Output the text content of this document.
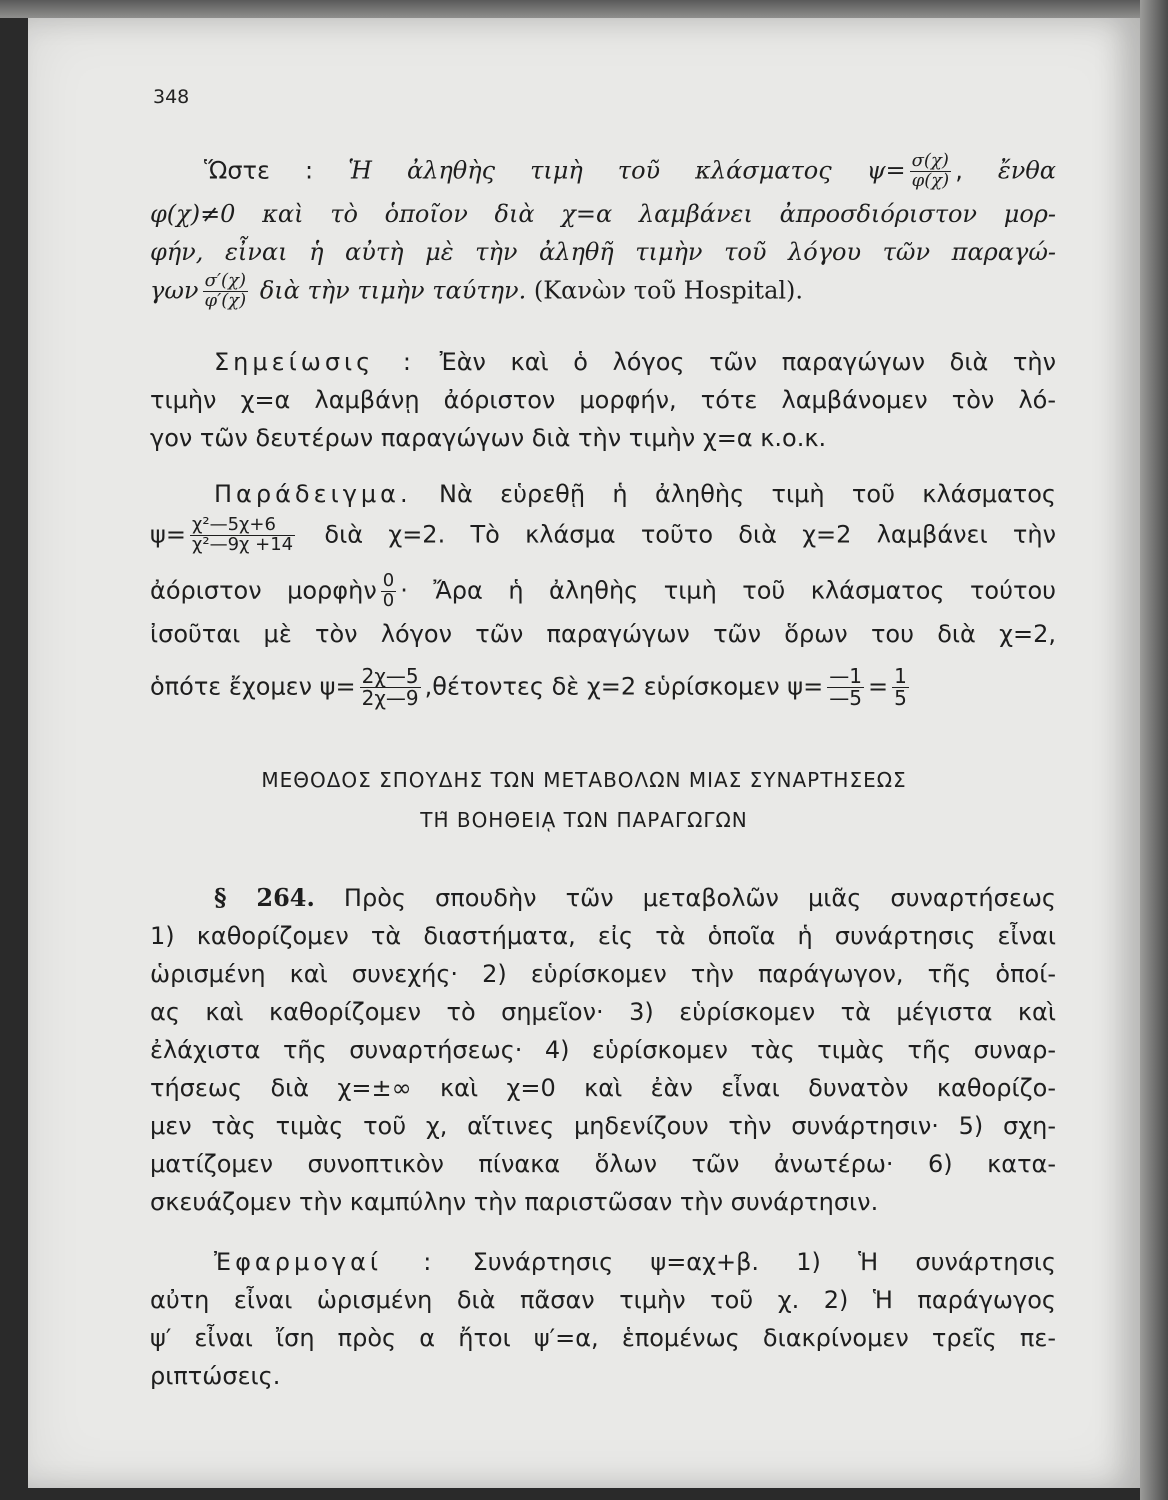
348
Ὥστε : Ἡ ἀληθὴς τιμὴ τοῦ κλάσματος $\psi= \frac{\sigma(\chi)}{\varphi(\chi)}$ , ἔνθα
φ(χ)≠0 καὶ τὸ ὁποῖον διὰ χ=α λαμβάνει ἀπροσδιόριστον μορ-
φήν, εἶναι ἡ αὐτὴ μὲ τὴν ἀληθῆ τιμὴν τοῦ λόγου τῶν παραγώ-
γων $\frac{\sigma'(\chi)}{\varphi'(\chi)}$ διὰ τὴν τιμὴν ταύτην. (Κανὼν τοῦ Hospital).
Σημείωσις : Ἐὰν καὶ ὁ λόγος τῶν παραγώγων διὰ τὴν
τιμὴν χ=α λαμβάνῃ ἀόριστον μορφήν, τότε λαμβάνομεν τὸν λό-
γον τῶν δευτέρων παραγώγων διὰ τὴν τιμὴν χ=α κ.ο.κ.
Παράδειγμα. Νὰ εὑρεθῇ ἡ ἀληθὴς τιμὴ τοῦ κλάσματος
$\psi= \frac{\text{χ²—5χ+6}}{\text{χ²—9χ +14}}$ διὰ χ=2. Τὸ κλάσμα τοῦτο διὰ χ=2 λαμβάνει τὴν
ἀόριστον μορφὴν $\frac{0}{0}$ · Ἄρα ἡ ἀληθὴς τιμὴ τοῦ κλάσματος τούτου
ἰσοῦται μὲ τὸν λόγον τῶν παραγώγων τῶν ὅρων του διὰ χ=2,
ὁπότε ἔχομεν $\psi= \frac{2\chi—5}{2\chi—9} ,\theta έ\tau o\nu\tau\varepsilon\varsigma$ δὲ χ=2 εὑρίσκομεν $\psi= \frac{—1}{—5} = \frac{1}{5}$
ΜΕΘΟΔΟΣ ΣΠΟΥΔΗΣ ΤΩΝ ΜΕΤΑΒΟΛΩΝ ΜΙΑΣ ΣΥΝΑΡΤΗΣΕΩΣ
ΤΗ͂ ΒΟΗΘΕΙᾼ ΤΩΝ ΠΑΡΑΓΩΓΩΝ
§ 264. Πρὸς σπουδὴν τῶν μεταβολῶν μιᾶς συναρτήσεως
1) καθορίζομεν τὰ διαστήματα, εἰς τὰ ὁποῖα ἡ συνάρτησις εἶναι
ὡρισμένη καὶ συνεχής· 2) εὑρίσκομεν τὴν παράγωγον, τῆς ὁποί-
ας καὶ καθορίζομεν τὸ σημεῖον· 3) εὑρίσκομεν τὰ μέγιστα καὶ
ἐλάχιστα τῆς συναρτήσεως· 4) εὑρίσκομεν τὰς τιμὰς τῆς συναρ-
τήσεως διὰ χ=±∞ καὶ χ=0 καὶ ἐὰν εἶναι δυνατὸν καθορίζο-
μεν τὰς τιμὰς τοῦ χ, αἵτινες μηδενίζουν τὴν συνάρτησιν· 5) σχη-
ματίζομεν συνοπτικὸν πίνακα ὅλων τῶν ἀνωτέρω· 6) κατα-
σκευάζομεν τὴν καμπύλην τὴν παριστῶσαν τὴν συνάρτησιν.
Ἐφαρμογαί : Συνάρτησις ψ=αχ+β. 1) Ἡ συνάρτησις
αὐτη εἶναι ὡρισμένη διὰ πᾶσαν τιμὴν τοῦ χ. 2) Ἡ παράγωγος
ψ′ εἶναι ἴση πρὸς α ἤτοι ψ′=α, ἑπομένως διακρίνομεν τρεῖς πε-
ριπτώσεις.
